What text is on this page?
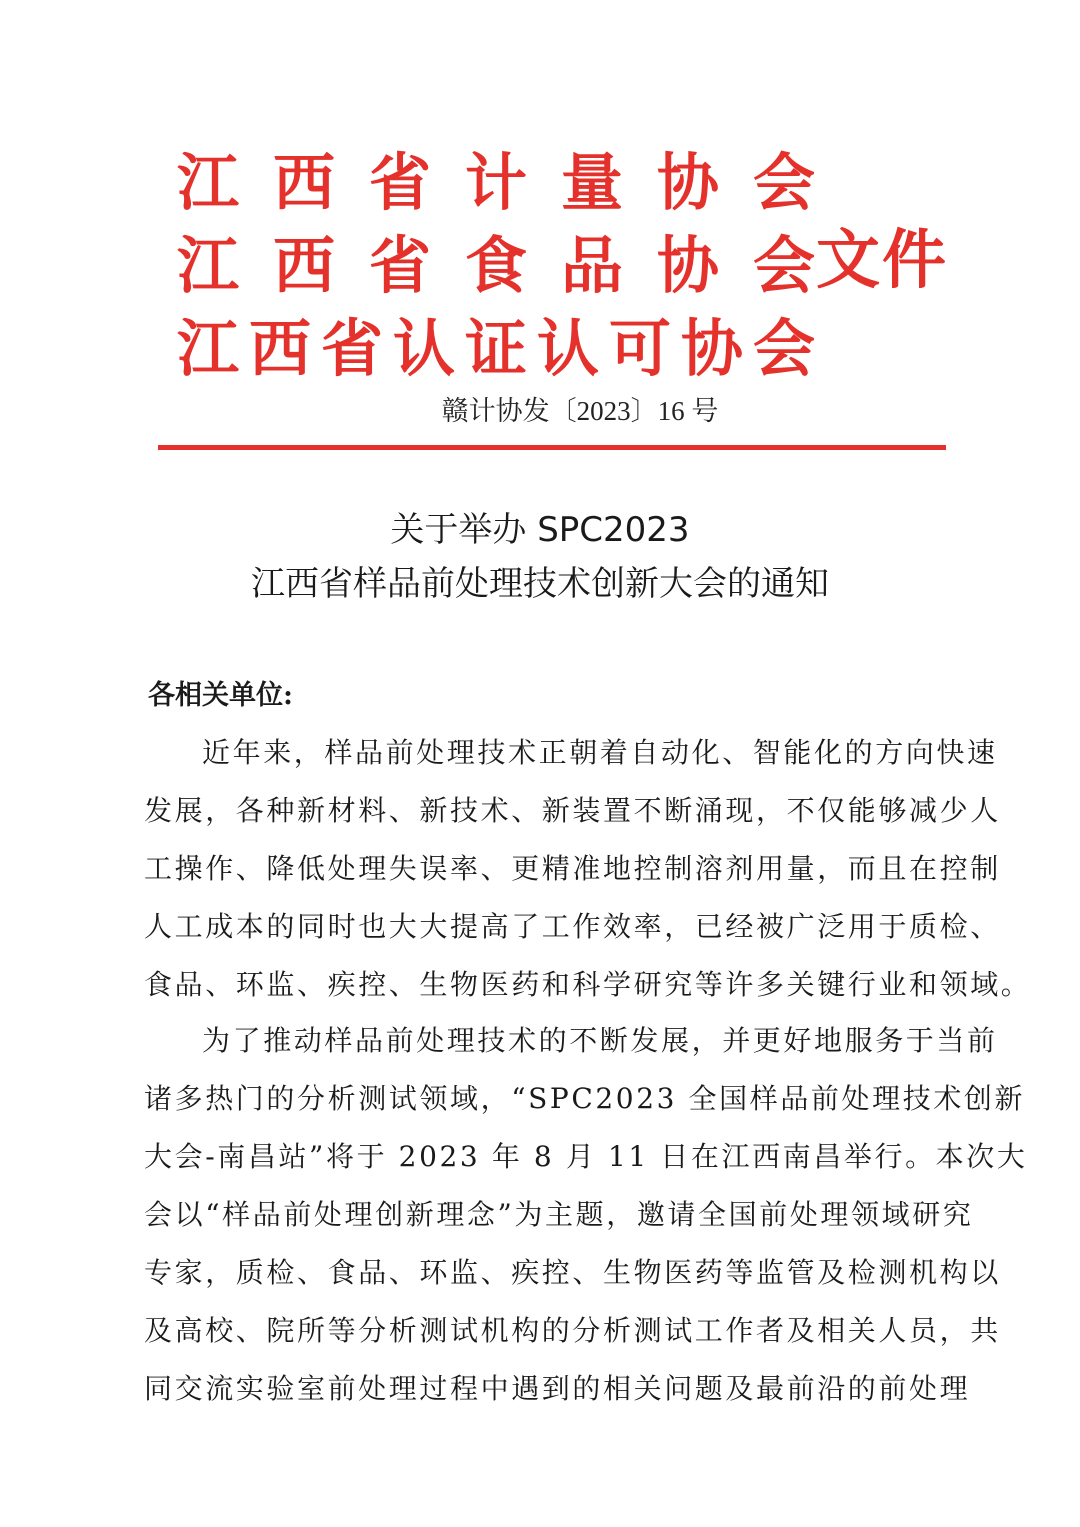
江 西 省 计 量 协 会
江 西 省 食 品 协 会 文件
江 西 省 认 证 认 可 协 会
赣计协发〔2023〕16 号
关于举办 SPC2023
江西省样品前处理技术创新大会的通知
各相关单位:
近年来，样品前处理技术正朝着自动化、智能化的方向快速
发展，各种新材料、新技术、新装置不断涌现，不仅能够减少人
工操作、降低处理失误率、更精准地控制溶剂用量，而且在控制
人工成本的同时也大大提高了工作效率，已经被广泛用于质检、
食品、环监、疾控、生物医药和科学研究等许多关键行业和领域。
为了推动样品前处理技术的不断发展，并更好地服务于当前
诸多热门的分析测试领域，“SPC2023 全国样品前处理技术创新
大会-南昌站”将于 2023 年 8 月 11 日在江西南昌举行。本次大
会以“样品前处理创新理念”为主题，邀请全国前处理领域研究
专家，质检、食品、环监、疾控、生物医药等监管及检测机构以
及高校、院所等分析测试机构的分析测试工作者及相关人员，共
同交流实验室前处理过程中遇到的相关问题及最前沿的前处理
